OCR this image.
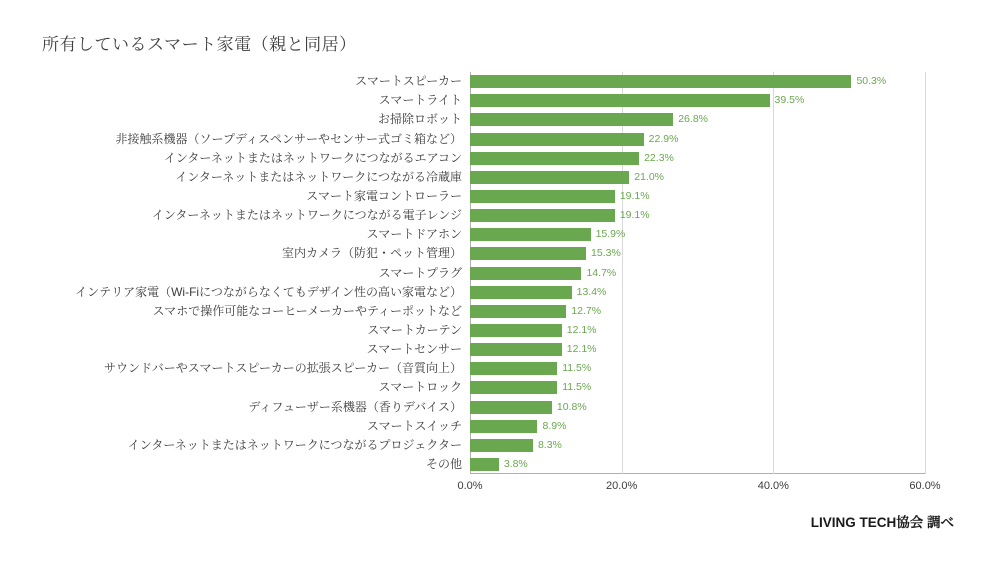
所有しているスマート家電（親と同居）
スマートスピーカー
スマートライト
お掃除ロボット
非接触系機器（ソープディスペンサーやセンサー式ゴミ箱など）
インターネットまたはネットワークにつながるエアコン
インターネットまたはネットワークにつながる冷蔵庫
スマート家電コントローラー
インターネットまたはネットワークにつながる電子レンジ
スマートドアホン
室内カメラ（防犯・ペット管理）
スマートプラグ
インテリア家電（Wi-Fiにつながらなくてもデザイン性の高い家電など）
スマホで操作可能なコーヒーメーカーやティーポットなど
スマートカーテン
スマートセンサー
サウンドバーやスマートスピーカーの拡張スピーカー（音質向上）
スマートロック
ディフューザー系機器（香りデバイス）
スマートスイッチ
インターネットまたはネットワークにつながるプロジェクター
その他
50.3%
39.5%
26.8%
22.9%
22.3%
21.0%
19.1%
19.1%
15.9%
15.3%
14.7%
13.4%
12.7%
12.1%
12.1%
11.5%
11.5%
10.8%
8.9%
8.3%
3.8%
0.0%	20.0%	40.0%	60.0%
LIVING TECH協会 調べ
